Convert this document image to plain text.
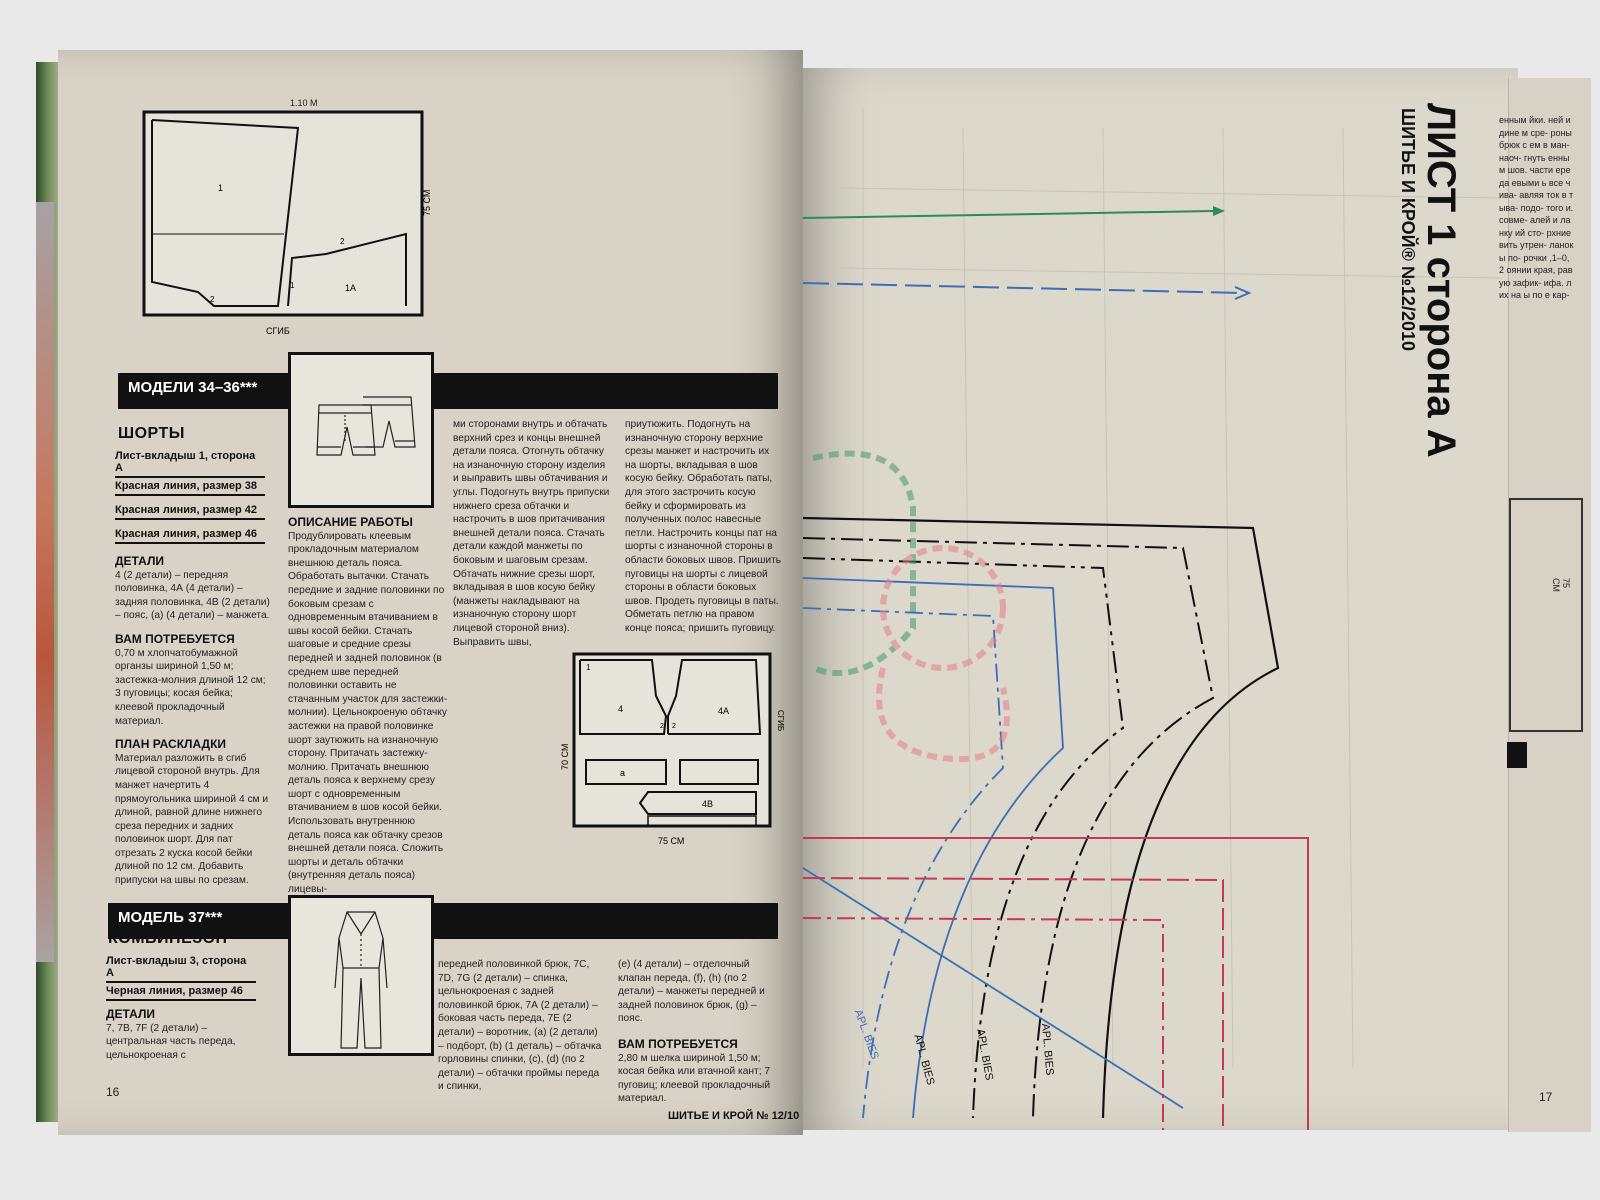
1.10 М
1
2
2
1	1А
75 СМ
СГИБ
МОДЕЛИ 34–36***
ШОРТЫ
Лист-вкладыш 1, сторона А
Красная линия, размер 38
Красная линия, размер 42
Красная линия, размер 46
ДЕТАЛИ

4 (2 детали) – передняя половинка, 4А (4 детали) – задняя половинка, 4В (2 детали) – пояс, (а) (4 детали) – манжета.

ВАМ ПОТРЕБУЕТСЯ

0,70 м хлопчатобумажной органзы шириной 1,50 м; застежка-молния длиной 12 см; 3 пуговицы; косая бейка; клеевой прокладочный материал.

ПЛАН РАСКЛАДКИ

Материал разложить в сгиб лицевой стороной внутрь. Для манжет начертить 4 прямоугольника шириной 4 см и длиной, равной длине нижнего среза передних и задних половинок шорт. Для пат отрезать 2 куска косой бейки длиной по 12 см. Добавить припуски на швы по срезам.

ОПИСАНИЕ РАБОТЫ

Продублировать клеевым прокладочным материалом внешнюю деталь пояса. Обработать вытачки. Стачать передние и задние половинки по боковым срезам с одновременным втачиванием в швы косой бейки. Стачать шаговые и средние срезы передней и задней половинок (в среднем шве передней половинки оставить не стачанным участок для застежки-молнии). Цельнокроеную обтачку застежки на правой половинке шорт заутюжить на изнаночную сторону. Притачать застежку-молнию. Притачать внешнюю деталь пояса к верхнему срезу шорт с одновременным втачиванием в шов косой бейки. Использовать внутреннюю деталь пояса как обтачку срезов внешней детали пояса. Сложить шорты и деталь обтачки (внутренняя деталь пояса) лицевы-

ми сторонами внутрь и обтачать верхний срез и концы внешней детали пояса. Отогнуть обтачку на изнаночную сторону изделия и выправить швы обтачивания и углы. Подогнуть внутрь припуски нижнего среза обтачки и настрочить в шов притачивания внешней детали пояса. Стачать детали каждой манжеты по боковым и шаговым срезам. Обтачать нижние срезы шорт, вкладывая в шов косую бейку (манжеты накладывают на изнаночную сторону шорт лицевой стороной вниз). Выправить швы,

приутюжить. Подогнуть на изнаночную сторону верхние срезы манжет и настрочить их на шорты, вкладывая в шов косую бейку. Обработать паты, для этого застрочить косую бейку и сформировать из полученных полос навесные петли. Настрочить концы пат на шорты с изнаночной стороны в области боковых швов. Пришить пуговицы на шорты с лицевой стороны в области боковых швов. Продеть пуговицы в паты. Обметать петлю на правом конце пояса; пришить пуговицу.

1
4
2 2
4А
а
4В
70 СМ
СГИБ
75 СМ
МОДЕЛЬ 37***
КОМБИНЕЗОН
Лист-вкладыш 3, сторона А
Черная линия, размер 46
ДЕТАЛИ

7, 7В, 7F (2 детали) – центральная часть переда, цельнокроеная с

передней половинкой брюк, 7С, 7D, 7G (2 детали) – спинка, цельнокроеная с задней половинкой брюк, 7А (2 детали) – боковая часть переда, 7Е (2 детали) – воротник, (а) (2 детали) – подборт, (b) (1 деталь) – обтачка горловины спинки, (с), (d) (по 2 детали) – обтачки проймы переда и спинки,

(е) (4 детали) – отделочный клапан переда, (f), (h) (по 2 детали) – манжеты передней и задней половинок брюк, (g) – пояс.

ВАМ ПОТРЕБУЕТСЯ

2,80 м шелка шириной 1,50 м; косая бейка или втачной кант; 7 пуговиц; клеевой прокладочный материал.

16
ШИТЬЕ И КРОЙ № 12/10
ЛИСТ 1 сторона А
ШИТЬЕ И КРОЙ® №12/2010
APL. BIES	APL. BIES	APL. BIES	APL. BIES
енным йки. ней и дине м сре- роны брюк с ем в ман- наоч- гнуть енным шов. части ереда евыми ь все чива- авляя ток в тыва- подо- того и. совме- алей и ланку ий сто- рхние вить утрен- ланок ы по- рочки ,1–0,2 оянии края, равую зафик- ифа. лих на ы по е кар-
75 СМ
17
